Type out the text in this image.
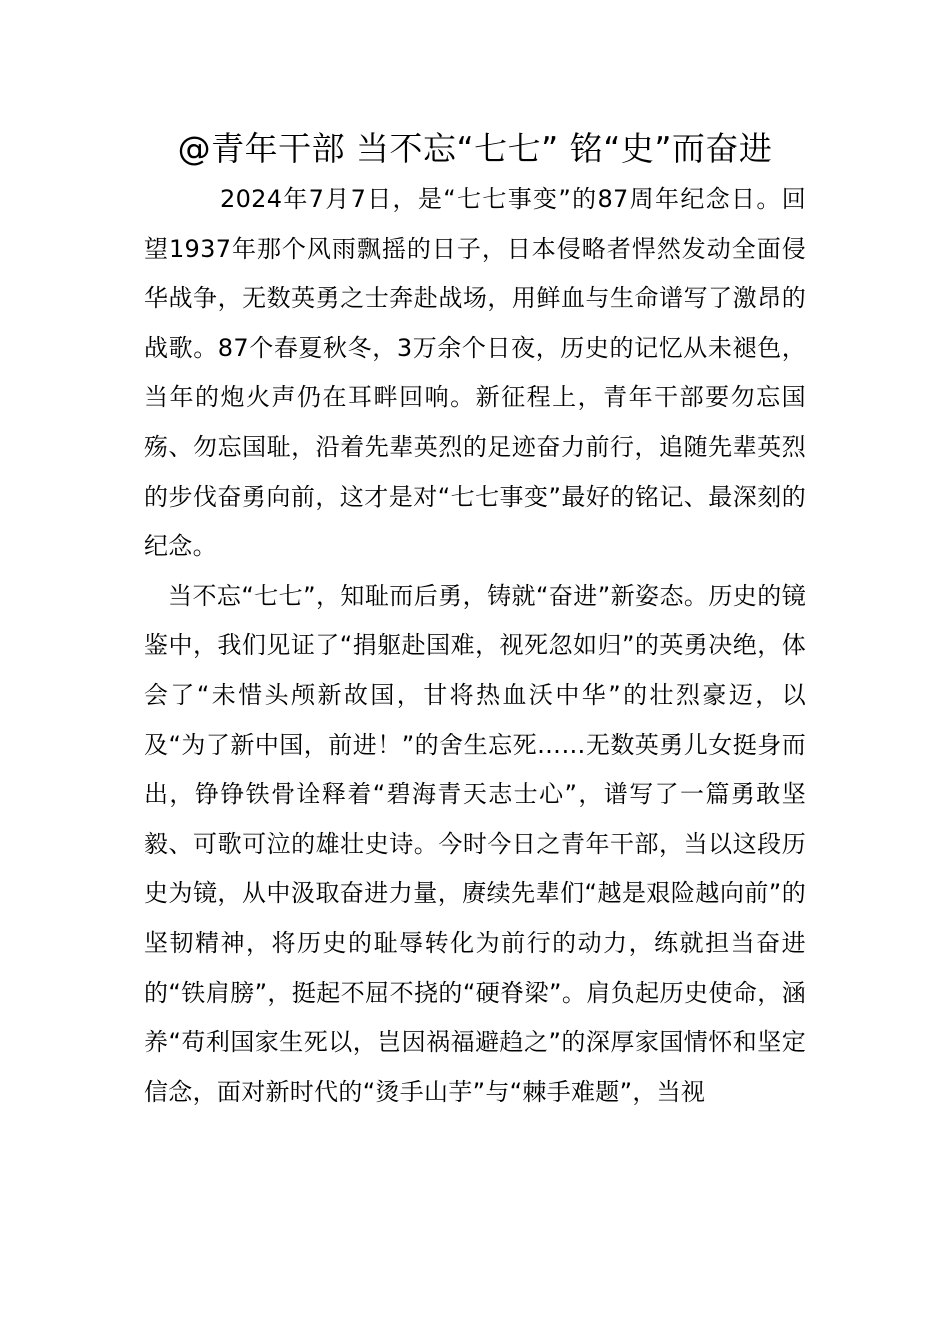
@青年干部 当不忘“七七” 铭“史”而奋进

2024年7月7日，是“七七事变”的87周年纪念日。回望1937年那个风雨飘摇的日子，日本侵略者悍然发动全面侵华战争，无数英勇之士奔赴战场，用鲜血与生命谱写了激昂的战歌。87个春夏秋冬，3万余个日夜，历史的记忆从未褪色，当年的炮火声仍在耳畔回响。新征程上，青年干部要勿忘国殇、勿忘国耻，沿着先辈英烈的足迹奋力前行，追随先辈英烈的步伐奋勇向前，这才是对“七七事变”最好的铭记、最深刻的纪念。

当不忘“七七”，知耻而后勇，铸就“奋进”新姿态。历史的镜鉴中，我们见证了“捐躯赴国难，视死忽如归”的英勇决绝，体会了“未惜头颅新故国，甘将热血沃中华”的壮烈豪迈，以及“为了新中国，前进！”的舍生忘死……无数英勇儿女挺身而出，铮铮铁骨诠释着“碧海青天志士心”，谱写了一篇勇敢坚毅、可歌可泣的雄壮史诗。今时今日之青年干部，当以这段历史为镜，从中汲取奋进力量，赓续先辈们“越是艰险越向前”的坚韧精神，将历史的耻辱转化为前行的动力，练就担当奋进的“铁肩膀”，挺起不屈不挠的“硬脊梁”。肩负起历史使命，涵养“苟利国家生死以，岂因祸福避趋之”的深厚家国情怀和坚定信念，面对新时代的“烫手山芋”与“棘手难题”，当视
